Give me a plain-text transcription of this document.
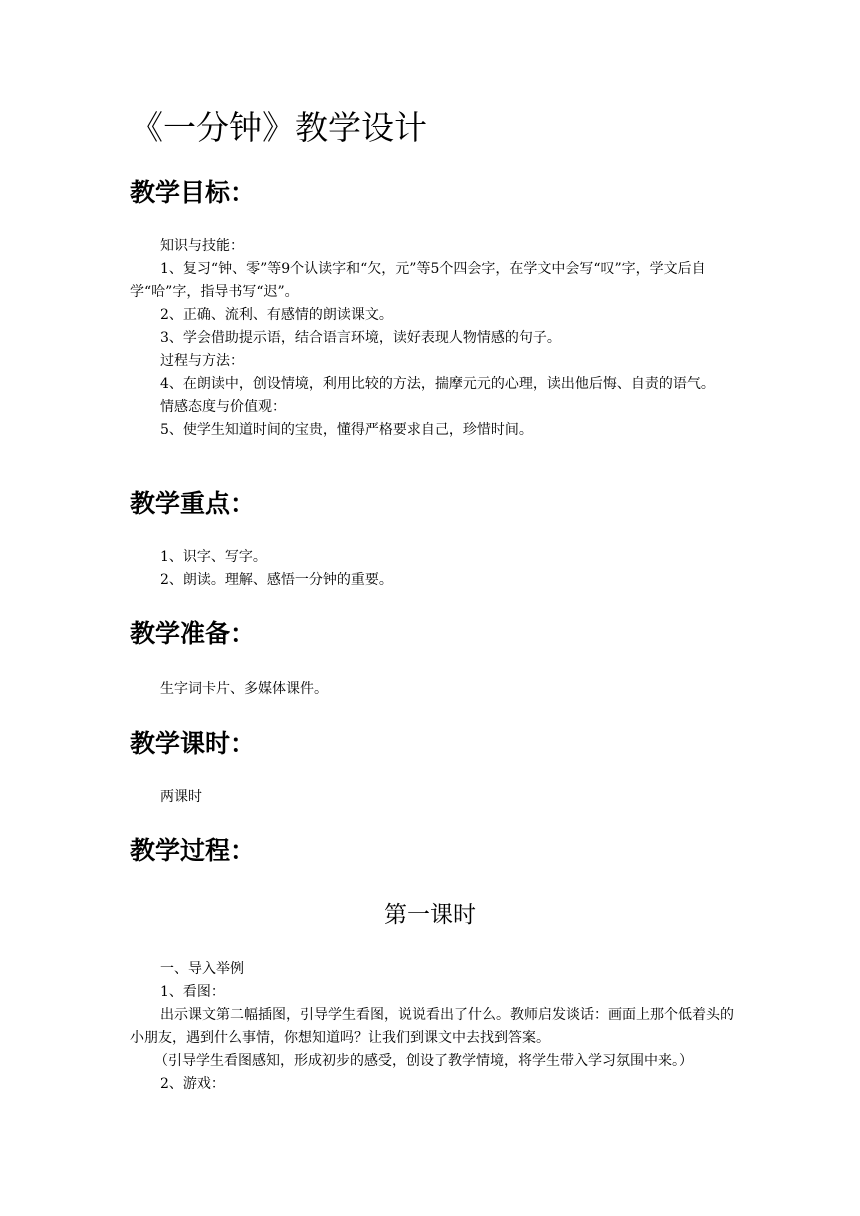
《一分钟》教学设计
教学目标：

知识与技能：

1、复习“钟、零”等9个认读字和“欠，元”等5个四会字，在学文中会写“叹”字，学文后自学“哈”字，指导书写“迟”。

2、正确、流利、有感情的朗读课文。

3、学会借助提示语，结合语言环境，读好表现人物情感的句子。

过程与方法：

4、在朗读中，创设情境，利用比较的方法，揣摩元元的心理，读出他后悔、自责的语气。

情感态度与价值观：

5、使学生知道时间的宝贵，懂得严格要求自己，珍惜时间。

教学重点：

1、识字、写字。

2、朗读。理解、感悟一分钟的重要。

教学准备：

生字词卡片、多媒体课件。

教学课时：

两课时

教学过程：
第一课时

一、导入举例

1、看图：

出示课文第二幅插图，引导学生看图，说说看出了什么。教师启发谈话：画面上那个低着头的小朋友，遇到什么事情，你想知道吗？让我们到课文中去找到答案。

（引导学生看图感知，形成初步的感受，创设了教学情境，将学生带入学习氛围中来。）

2、游戏：
